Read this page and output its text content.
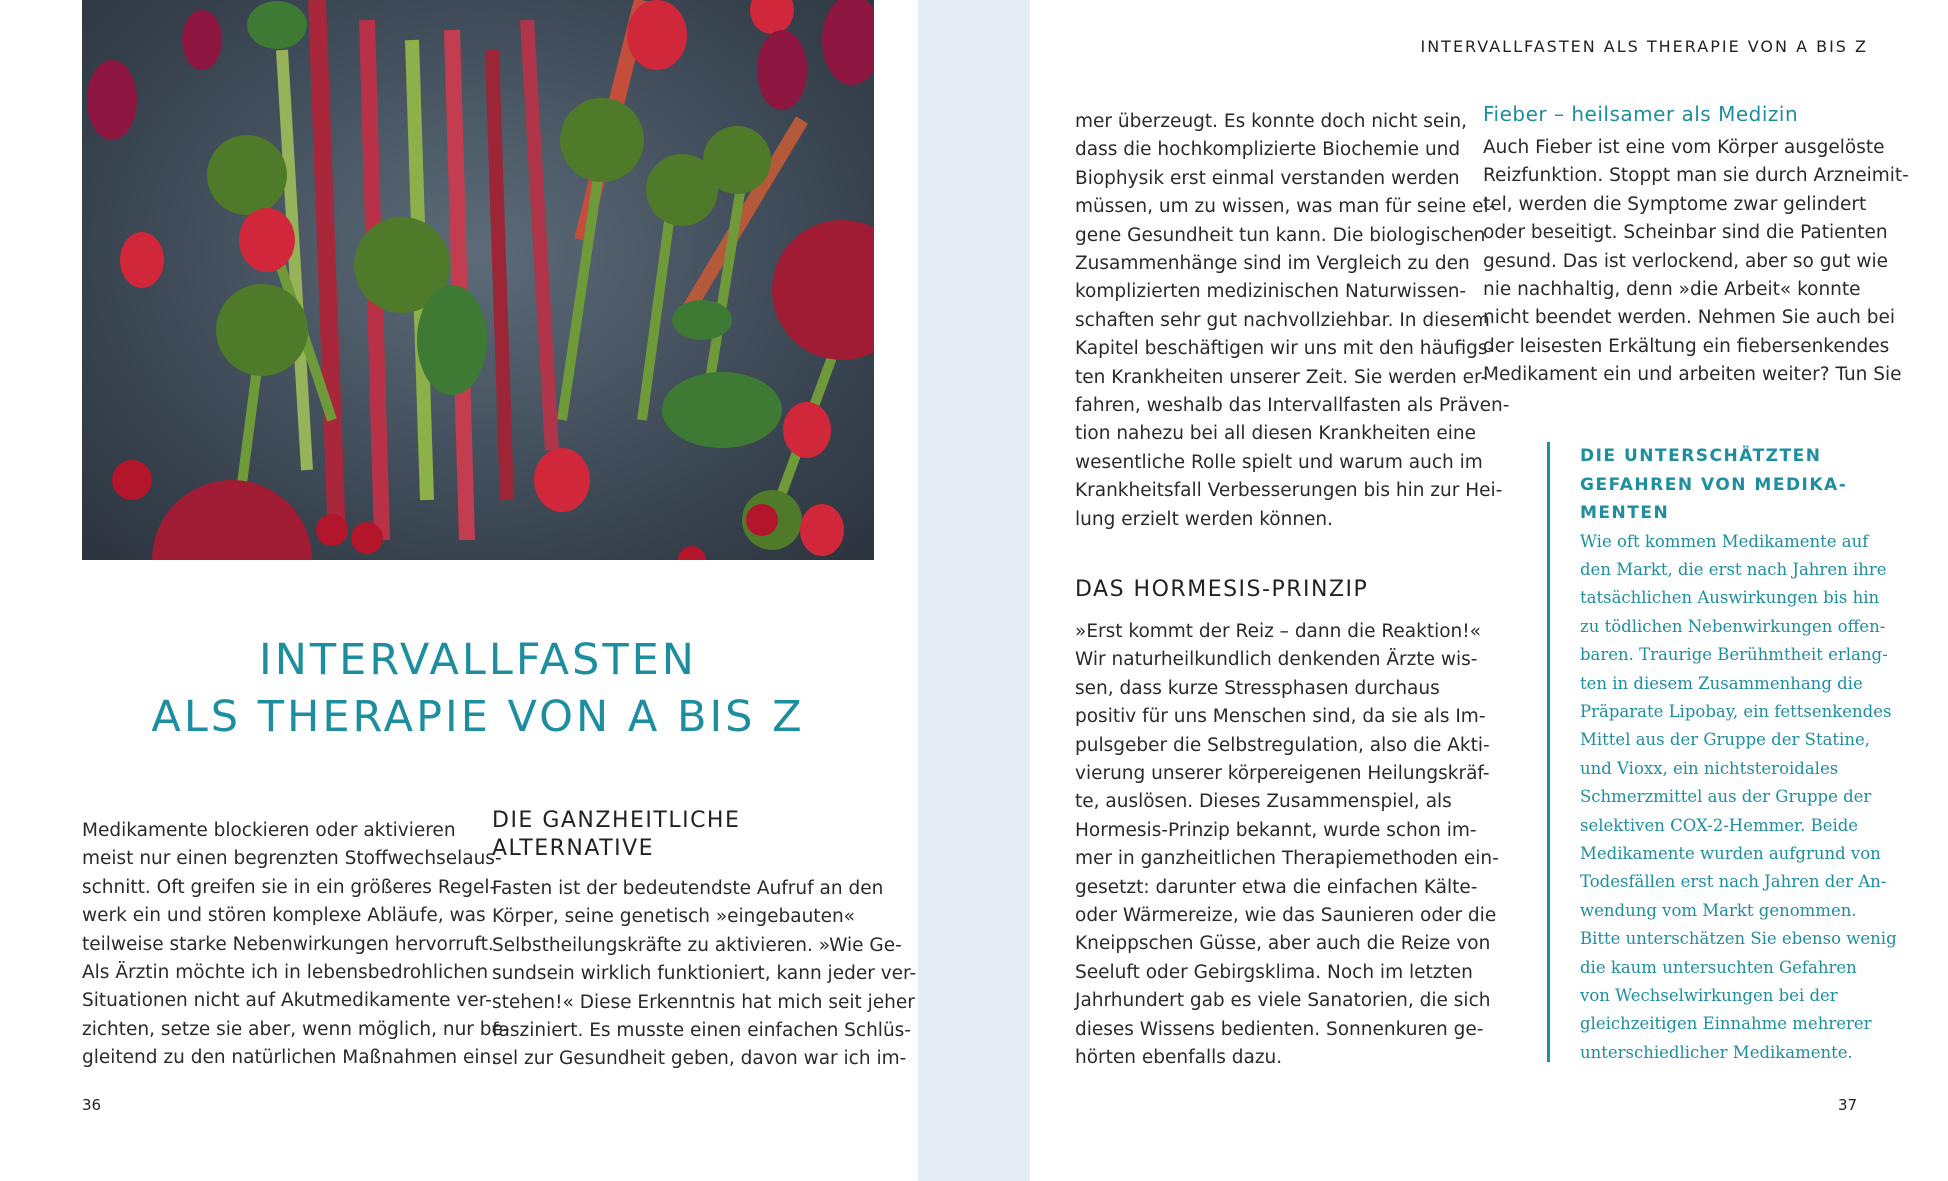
INTERVALLFASTEN
ALS THERAPIE VON A BIS Z
Medikamente blockieren oder aktivieren
meist nur einen begrenzten Stoffwechselaus-
schnitt. Oft greifen sie in ein größeres Regel-
werk ein und stören komplexe Abläufe, was
teilweise starke Nebenwirkungen hervorruft.
Als Ärztin möchte ich in lebensbedrohlichen
Situationen nicht auf Akutmedikamente ver-
zichten, setze sie aber, wenn möglich, nur be-
gleitend zu den natürlichen Maßnahmen ein.
DIE GANZHEITLICHE
ALTERNATIVE
Fasten ist der bedeutendste Aufruf an den
Körper, seine genetisch »eingebauten«
Selbstheilungskräfte zu aktivieren. »Wie Ge-
sundsein wirklich funktioniert, kann jeder ver-
stehen!« Diese Erkenntnis hat mich seit jeher
fasziniert. Es musste einen einfachen Schlüs-
sel zur Gesundheit geben, davon war ich im-
36
INTERVALLFASTEN ALS THERAPIE VON A BIS Z
mer überzeugt. Es konnte doch nicht sein,
dass die hochkomplizierte Biochemie und
Biophysik erst einmal verstanden werden
müssen, um zu wissen, was man für seine ei-
gene Gesundheit tun kann. Die biologischen
Zusammenhänge sind im Vergleich zu den
komplizierten medizinischen Naturwissen-
schaften sehr gut nachvollziehbar. In diesem
Kapitel beschäftigen wir uns mit den häufigs-
ten Krankheiten unserer Zeit. Sie werden er-
fahren, weshalb das Intervallfasten als Präven-
tion nahezu bei all diesen Krankheiten eine
wesentliche Rolle spielt und warum auch im
Krankheitsfall Verbesserungen bis hin zur Hei-
lung erzielt werden können.
DAS HORMESIS-PRINZIP
»Erst kommt der Reiz – dann die Reaktion!«
Wir naturheilkundlich denkenden Ärzte wis-
sen, dass kurze Stressphasen durchaus
positiv für uns Menschen sind, da sie als Im-
pulsgeber die Selbstregulation, also die Akti-
vierung unserer körpereigenen Heilungskräf-
te, auslösen. Dieses Zusammenspiel, als
Hormesis-Prinzip bekannt, wurde schon im-
mer in ganzheitlichen Therapiemethoden ein-
gesetzt: darunter etwa die einfachen Kälte-
oder Wärmereize, wie das Saunieren oder die
Kneippschen Güsse, aber auch die Reize von
Seeluft oder Gebirgsklima. Noch im letzten
Jahrhundert gab es viele Sanatorien, die sich
dieses Wissens bedienten. Sonnenkuren ge-
hörten ebenfalls dazu.
Fieber – heilsamer als Medizin
Auch Fieber ist eine vom Körper ausgelöste
Reizfunktion. Stoppt man sie durch Arzneimit-
tel, werden die Symptome zwar gelindert
oder beseitigt. Scheinbar sind die Patienten
gesund. Das ist verlockend, aber so gut wie
nie nachhaltig, denn »die Arbeit« konnte
nicht beendet werden. Nehmen Sie auch bei
der leisesten Erkältung ein fiebersenkendes
Medikament ein und arbeiten weiter? Tun Sie
DIE UNTERSCHÄTZTEN
GEFAHREN VON MEDIKA-
MENTEN
Wie oft kommen Medikamente auf
den Markt, die erst nach Jahren ihre
tatsächlichen Auswirkungen bis hin
zu tödlichen Nebenwirkungen offen-
baren. Traurige Berühmtheit erlang-
ten in diesem Zusammenhang die
Präparate Lipobay, ein fettsenkendes
Mittel aus der Gruppe der Statine,
und Vioxx, ein nichtsteroidales
Schmerzmittel aus der Gruppe der
selektiven COX-2-Hemmer. Beide
Medikamente wurden aufgrund von
Todesfällen erst nach Jahren der An-
wendung vom Markt genommen.
Bitte unterschätzen Sie ebenso wenig
die kaum untersuchten Gefahren
von Wechselwirkungen bei der
gleichzeitigen Einnahme mehrerer
unterschiedlicher Medikamente.
37
